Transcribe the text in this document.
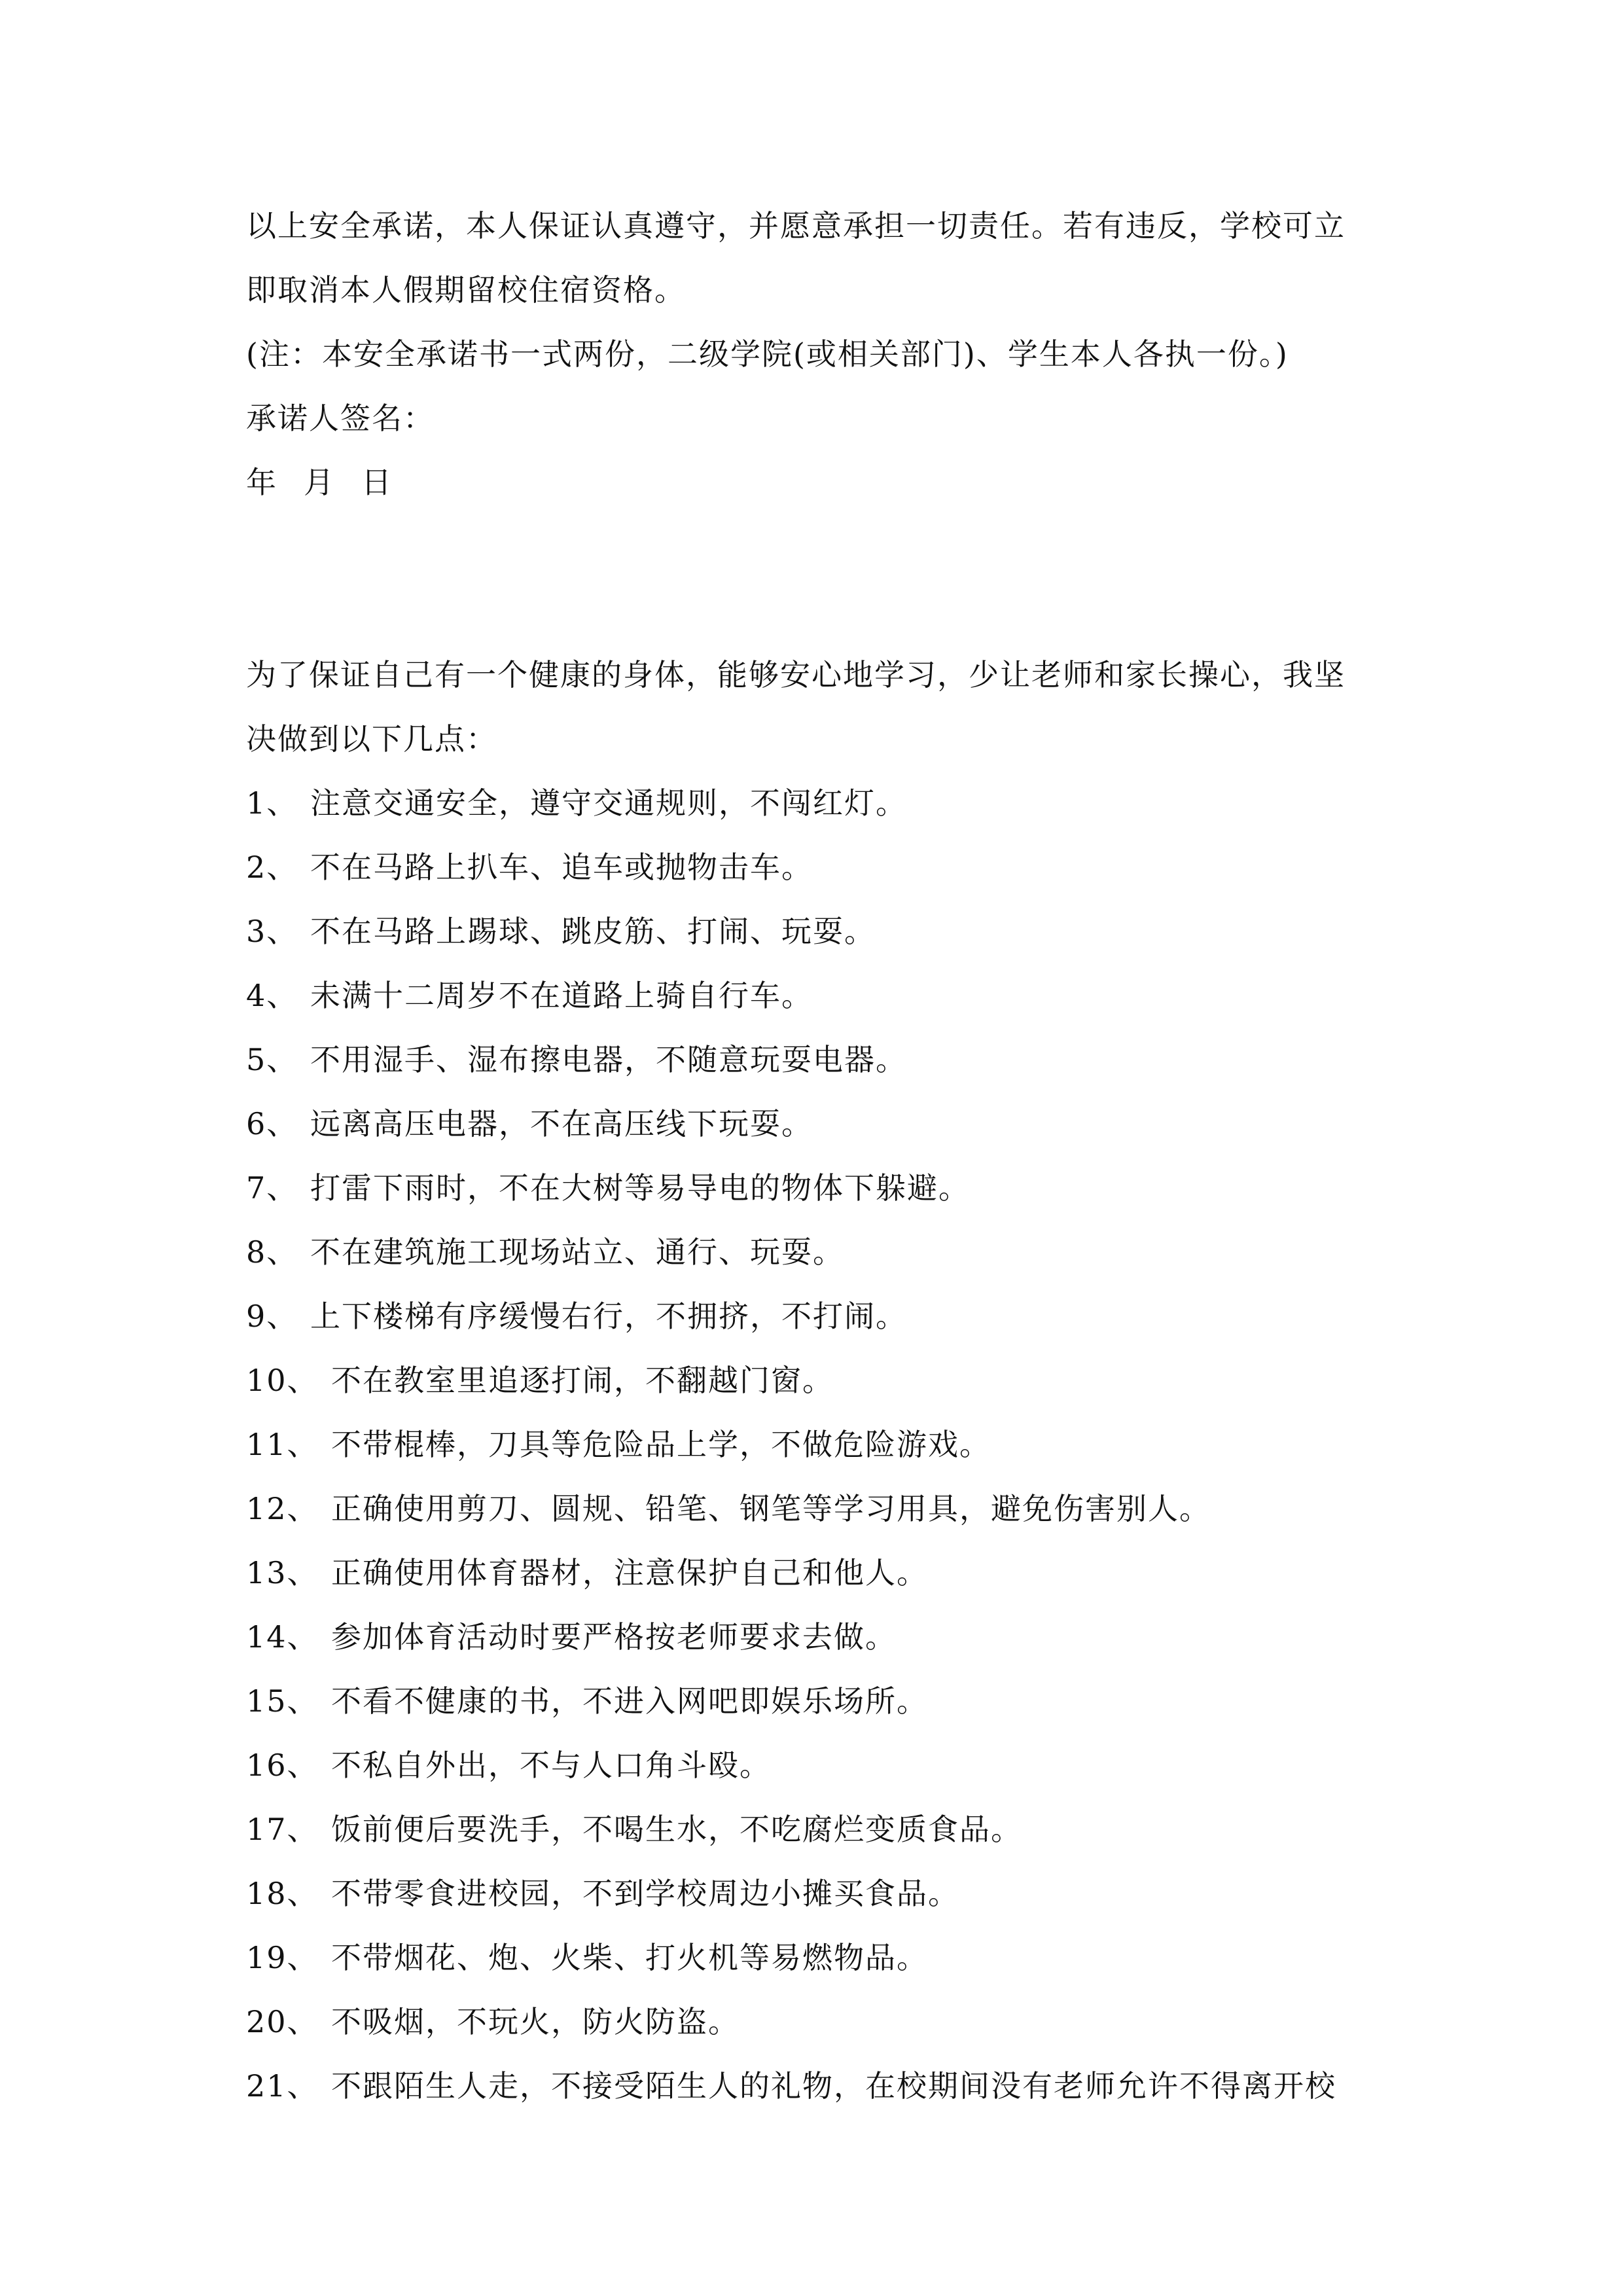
以上安全承诺，本人保证认真遵守，并愿意承担一切责任。若有违反，学校可立
即取消本人假期留校住宿资格。
(注：本安全承诺书一式两份，二级学院(或相关部门)、学生本人各执一份。)
承诺人签名：
年 月 日
为了保证自己有一个健康的身体，能够安心地学习，少让老师和家长操心，我坚
决做到以下几点：
1、 注意交通安全，遵守交通规则，不闯红灯。
2、 不在马路上扒车、追车或抛物击车。
3、 不在马路上踢球、跳皮筋、打闹、玩耍。
4、 未满十二周岁不在道路上骑自行车。
5、 不用湿手、湿布擦电器，不随意玩耍电器。
6、 远离高压电器，不在高压线下玩耍。
7、 打雷下雨时，不在大树等易导电的物体下躲避。
8、 不在建筑施工现场站立、通行、玩耍。
9、 上下楼梯有序缓慢右行，不拥挤，不打闹。
10、 不在教室里追逐打闹，不翻越门窗。
11、 不带棍棒，刀具等危险品上学，不做危险游戏。
12、 正确使用剪刀、圆规、铅笔、钢笔等学习用具，避免伤害别人。
13、 正确使用体育器材，注意保护自己和他人。
14、 参加体育活动时要严格按老师要求去做。
15、 不看不健康的书，不进入网吧即娱乐场所。
16、 不私自外出，不与人口角斗殴。
17、 饭前便后要洗手，不喝生水，不吃腐烂变质食品。
18、 不带零食进校园，不到学校周边小摊买食品。
19、 不带烟花、炮、火柴、打火机等易燃物品。
20、 不吸烟，不玩火，防火防盗。
21、 不跟陌生人走，不接受陌生人的礼物，在校期间没有老师允许不得离开校
